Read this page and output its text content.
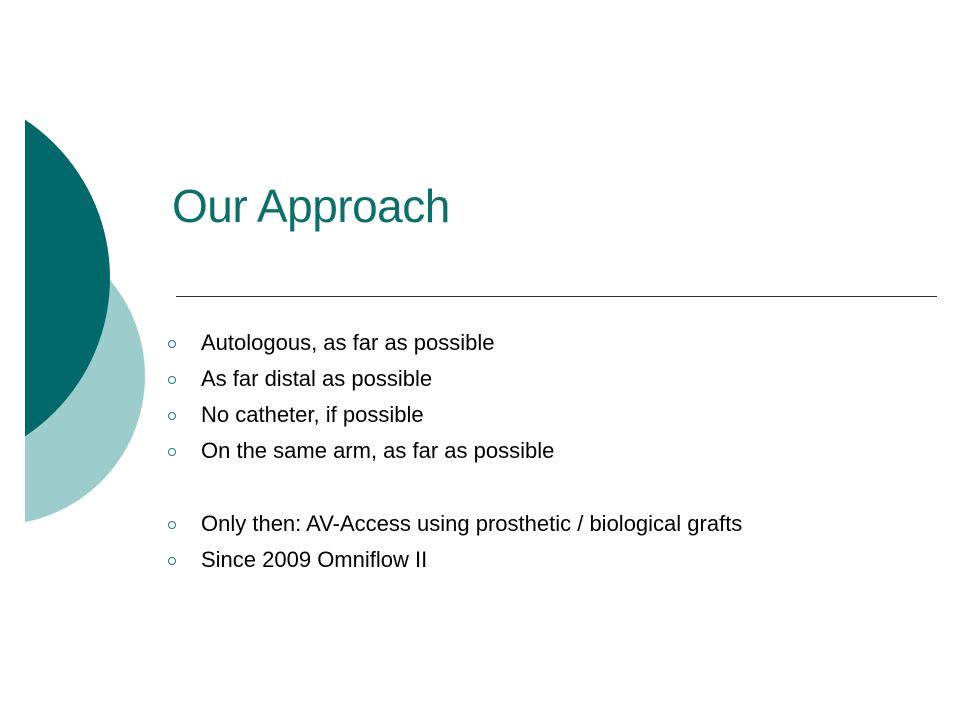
Our Approach
Autologous, as far as possible
As far distal as possible
No catheter, if possible
On the same arm, as far as possible
Only then: AV-Access using prosthetic / biological grafts
Since 2009 Omniflow II
